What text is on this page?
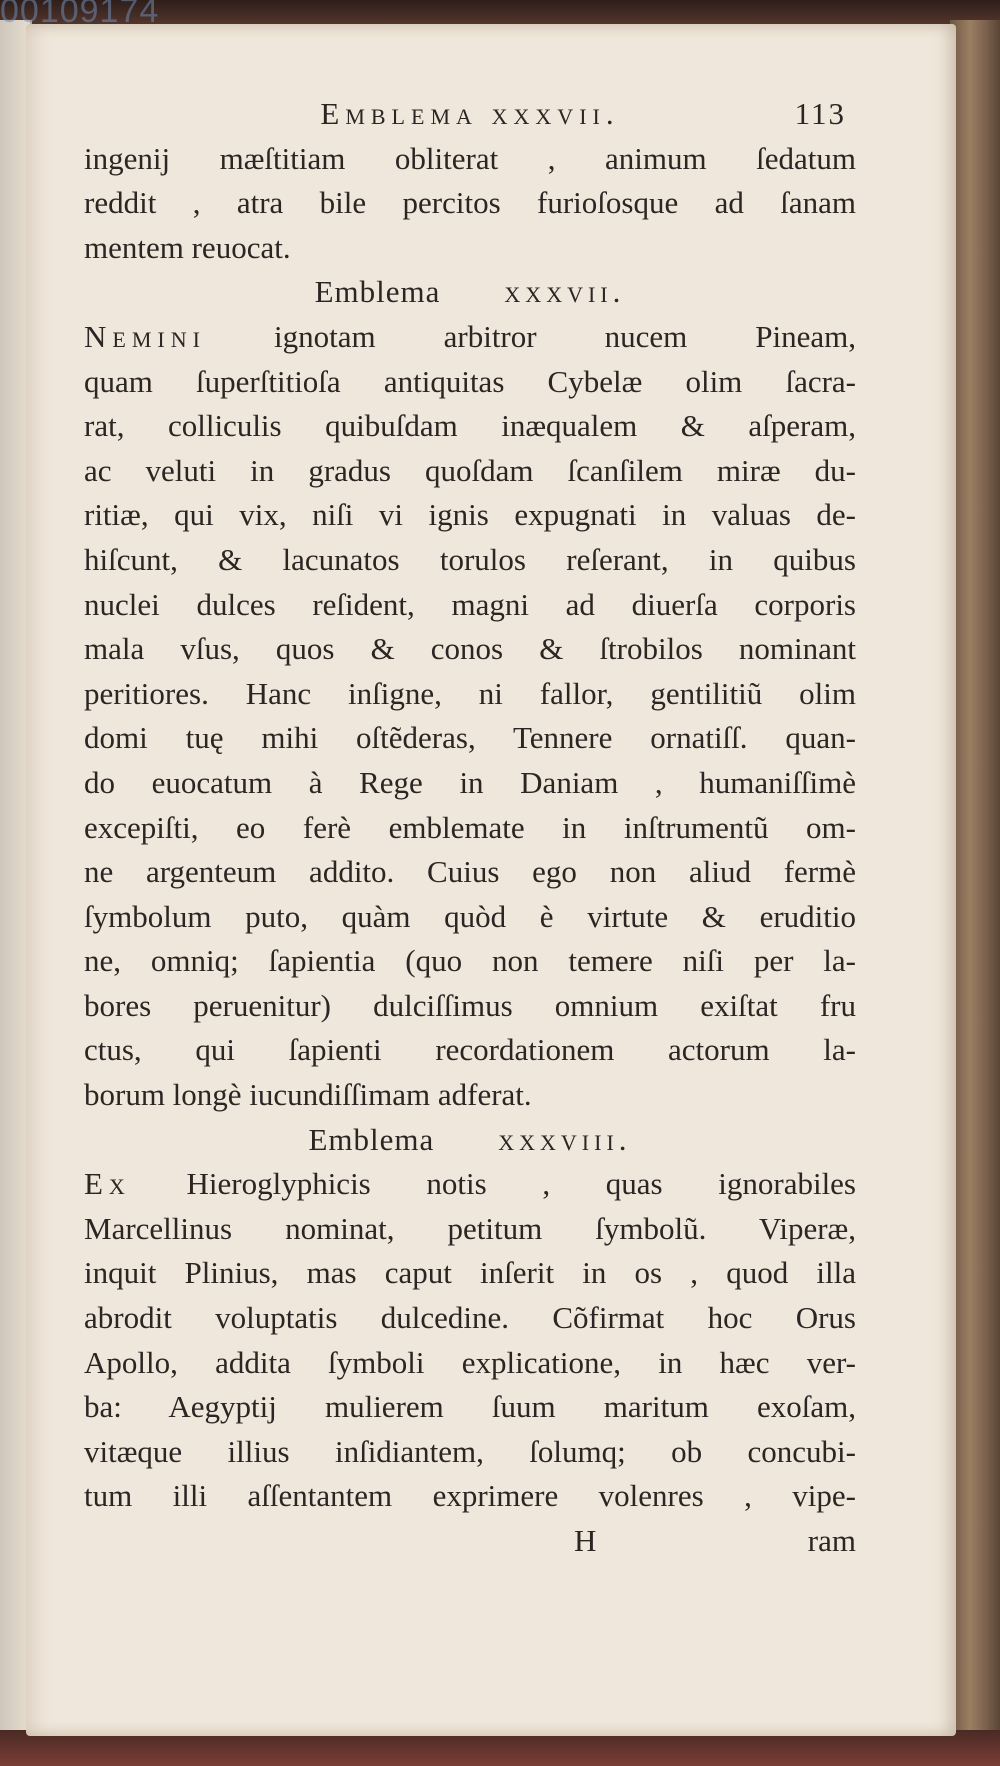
Emblema xxxvii.	113
ingenij mæſtitiam obliterat , animum ſedatum
reddit , atra bile percitos furioſosque ad ſanam
mentem reuocat.
Emblema   xxxvii.
Nemini ignotam arbitror nucem Pineam,
quam ſuperſtitioſa antiquitas Cybelæ olim ſacra-
rat, colliculis quibuſdam inæqualem & aſperam,
ac veluti in gradus quoſdam ſcanſilem miræ du-
ritiæ, qui vix, niſi vi ignis expugnati in valuas de-
hiſcunt, & lacunatos torulos reſerant, in quibus
nuclei dulces reſident, magni ad diuerſa corporis
mala vſus, quos & conos & ſtrobilos nominant
peritiores. Hanc inſigne, ni fallor, gentilitiũ olim
domi tuę mihi oſtẽderas, Tennere ornatiſſ. quan-
do euocatum à Rege in Daniam , humaniſſimè
excepiſti, eo ferè emblemate in inſtrumentũ om-
ne argenteum addito. Cuius ego non aliud fermè
ſymbolum puto, quàm quòd è virtute & eruditio
ne, omniq; ſapientia (quo non temere niſi per la-
bores peruenitur) dulciſſimus omnium exiſtat fru
ctus, qui ſapienti recordationem actorum la-
borum longè iucundiſſimam adferat.
Emblema   xxxviii.
Ex Hieroglyphicis notis , quas ignorabiles
Marcellinus nominat, petitum ſymbolũ. Viperæ,
inquit Plinius, mas caput inſerit in os , quod illa
abrodit voluptatis dulcedine. Cõfirmat hoc Orus
Apollo, addita ſymboli explicatione, in hæc ver-
ba: Aegyptij mulierem ſuum maritum exoſam,
vitæque illius inſidiantem, ſolumq; ob concubi-
tum illi aſſentantem exprimere volenres , vipe-
H	ram
00109174
